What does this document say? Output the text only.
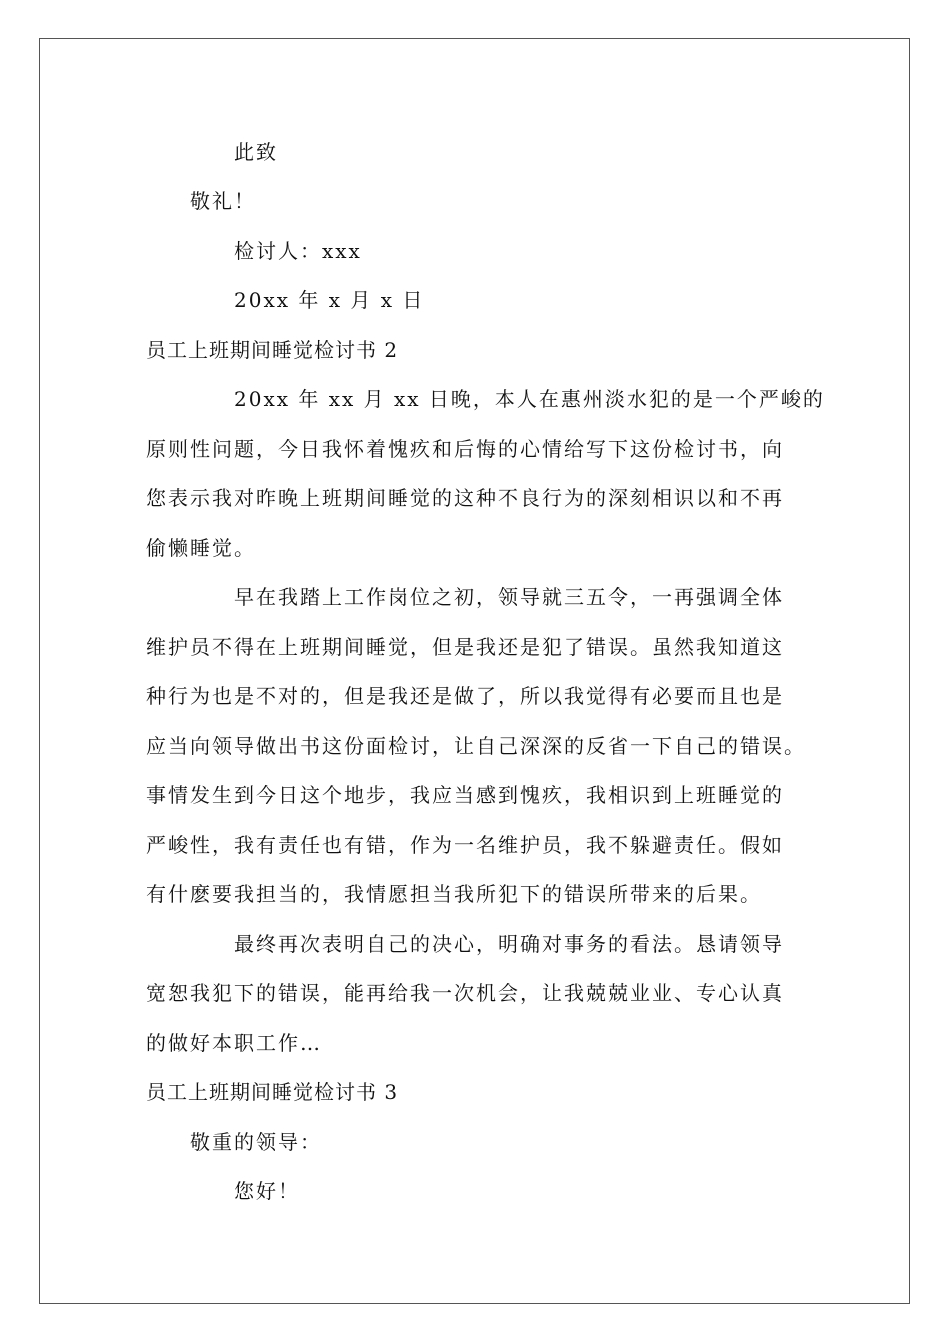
此致
敬礼！
检讨人：xxx
20xx 年 x 月 x 日
员工上班期间睡觉检讨书 2
20xx 年 xx 月 xx 日晚，本人在惠州淡水犯的是一个严峻的
原则性问题，今日我怀着愧疚和后悔的心情给写下这份检讨书，向
您表示我对昨晚上班期间睡觉的这种不良行为的深刻相识以和不再
偷懒睡觉。
早在我踏上工作岗位之初，领导就三五令，一再强调全体
维护员不得在上班期间睡觉，但是我还是犯了错误。虽然我知道这
种行为也是不对的，但是我还是做了，所以我觉得有必要而且也是
应当向领导做出书这份面检讨，让自己深深的反省一下自己的错误。
事情发生到今日这个地步，我应当感到愧疚，我相识到上班睡觉的
严峻性，我有责任也有错，作为一名维护员，我不躲避责任。假如
有什麽要我担当的，我情愿担当我所犯下的错误所带来的后果。
最终再次表明自己的决心，明确对事务的看法。恳请领导
宽恕我犯下的错误，能再给我一次机会，让我兢兢业业、专心认真
的做好本职工作…
员工上班期间睡觉检讨书 3
敬重的领导：
您好！
